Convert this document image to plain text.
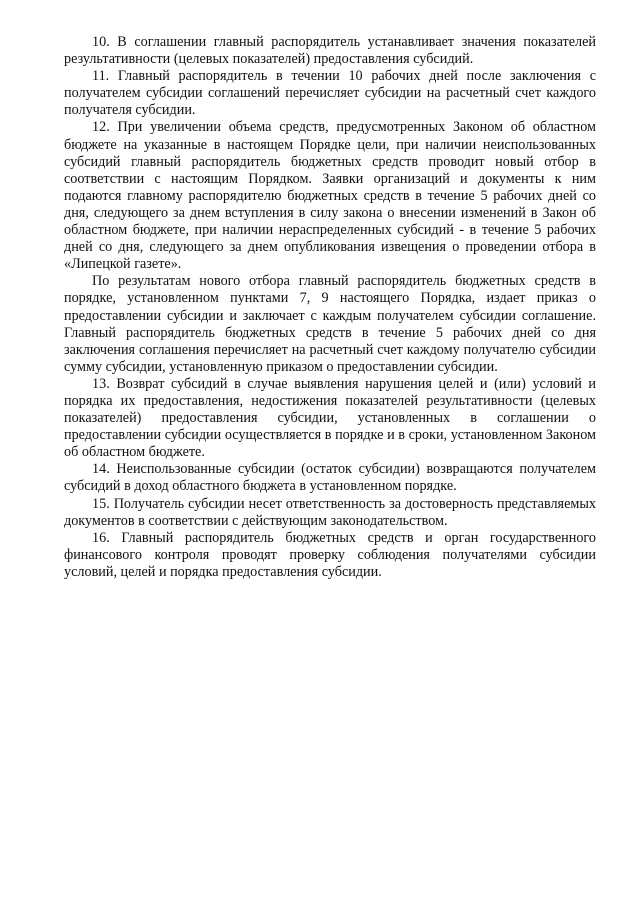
10. В соглашении главный распорядитель устанавливает значения показателей результативности (целевых показателей) предоставления субсидий.

11. Главный распорядитель в течении 10 рабочих дней после заключения с получателем субсидии соглашений перечисляет субсидии на расчетный счет каждого получателя субсидии.

12. При увеличении объема средств, предусмотренных Законом об областном бюджете на указанные в настоящем Порядке цели, при наличии неиспользованных субсидий главный распорядитель бюджетных средств проводит новый отбор в соответствии с настоящим Порядком. Заявки организаций и документы к ним подаются главному распорядителю бюджетных средств в течение 5 рабочих дней со дня, следующего за днем вступления в силу закона о внесении изменений в Закон об областном бюджете, при наличии нераспределенных субсидий - в течение 5 рабочих дней со дня, следующего за днем опубликования извещения о проведении отбора в «Липецкой газете».

По результатам нового отбора главный распорядитель бюджетных средств в порядке, установленном пунктами 7, 9 настоящего Порядка, издает приказ о предоставлении субсидии и заключает с каждым получателем субсидии соглашение. Главный распорядитель бюджетных средств в течение 5 рабочих дней со дня заключения соглашения перечисляет на расчетный счет каждому получателю субсидии сумму субсидии, установленную приказом о предоставлении субсидии.

13. Возврат субсидий в случае выявления нарушения целей и (или) условий и порядка их предоставления, недостижения показателей результативности (целевых показателей) предоставления субсидии, установленных в соглашении о предоставлении субсидии осуществляется в порядке и в сроки, установленном Законом об областном бюджете.

14. Неиспользованные субсидии (остаток субсидии) возвращаются получателем субсидий в доход областного бюджета в установленном порядке.

15. Получатель субсидии несет ответственность за достоверность представляемых документов в соответствии с действующим законодательством.

16. Главный распорядитель бюджетных средств и орган государственного финансового контроля проводят проверку соблюдения получателями субсидии условий, целей и порядка предоставления субсидии.
